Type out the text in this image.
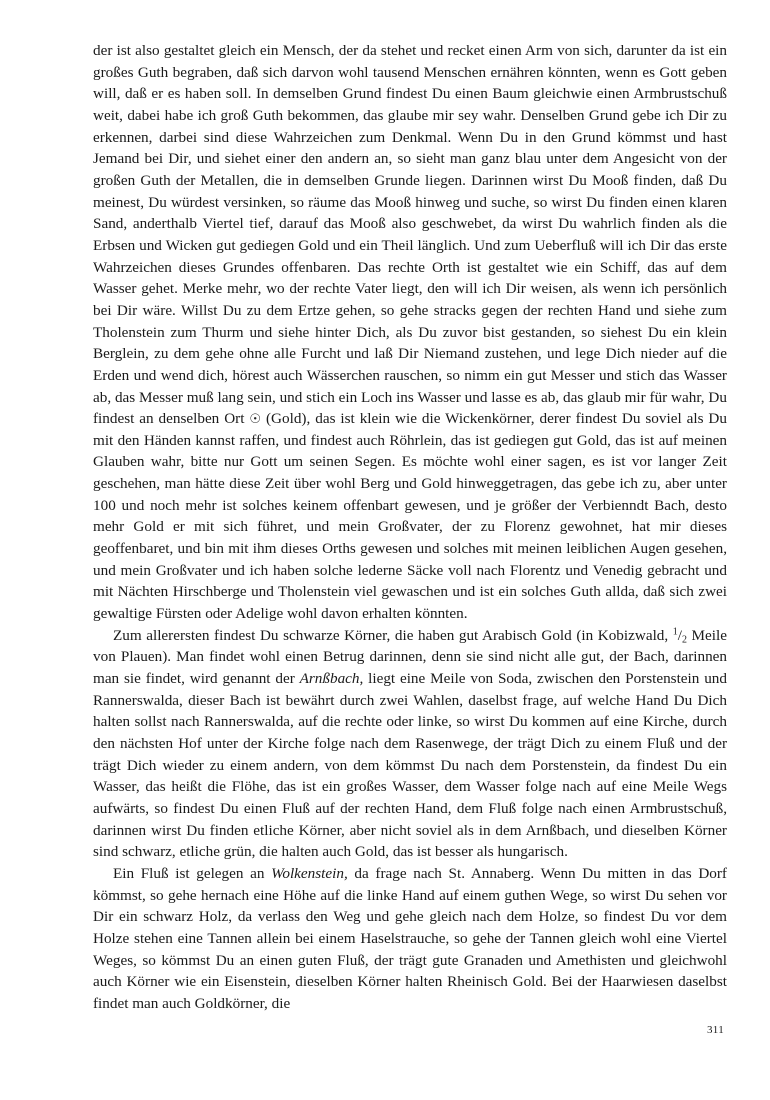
der ist also gestaltet gleich ein Mensch, der da stehet und recket einen Arm von sich, darunter da ist ein großes Guth begraben, daß sich darvon wohl tausend Menschen ernähren könnten, wenn es Gott geben will, daß er es haben soll. In demselben Grund findest Du einen Baum gleichwie einen Armbrustschuß weit, dabei habe ich groß Guth bekommen, das glaube mir sey wahr. Denselben Grund gebe ich Dir zu erkennen, darbei sind diese Wahrzeichen zum Denkmal. Wenn Du in den Grund kömmst und hast Jemand bei Dir, und siehet einer den andern an, so sieht man ganz blau unter dem Angesicht von der großen Guth der Metallen, die in demselben Grunde liegen. Darinnen wirst Du Mooß finden, daß Du meinest, Du würdest versinken, so räume das Mooß hinweg und suche, so wirst Du finden einen klaren Sand, anderthalb Viertel tief, darauf das Mooß also geschwebet, da wirst Du wahrlich finden als die Erbsen und Wicken gut gediegen Gold und ein Theil länglich. Und zum Ueberfluß will ich Dir das erste Wahrzeichen dieses Grundes offenbaren. Das rechte Orth ist gestaltet wie ein Schiff, das auf dem Wasser gehet. Merke mehr, wo der rechte Vater liegt, den will ich Dir weisen, als wenn ich persönlich bei Dir wäre. Willst Du zu dem Ertze gehen, so gehe stracks gegen der rechten Hand und siehe zum Tholenstein zum Thurm und siehe hinter Dich, als Du zuvor bist gestanden, so siehest Du ein klein Berglein, zu dem gehe ohne alle Furcht und laß Dir Niemand zustehen, und lege Dich nieder auf die Erden und wend dich, hörest auch Wässerchen rauschen, so nimm ein gut Messer und stich das Wasser ab, das Messer muß lang sein, und stich ein Loch ins Wasser und lasse es ab, das glaub mir für wahr, Du findest an denselben Ort ☉ (Gold), das ist klein wie die Wickenkörner, derer findest Du soviel als Du mit den Händen kannst raffen, und findest auch Röhrlein, das ist gediegen gut Gold, das ist auf meinen Glauben wahr, bitte nur Gott um seinen Segen. Es möchte wohl einer sagen, es ist vor langer Zeit geschehen, man hätte diese Zeit über wohl Berg und Gold hinweggetragen, das gebe ich zu, aber unter 100 und noch mehr ist solches keinem offenbart gewesen, und je größer der Verbienndt Bach, desto mehr Gold er mit sich führet, und mein Großvater, der zu Florenz gewohnet, hat mir dieses geoffenbaret, und bin mit ihm dieses Orths gewesen und solches mit meinen leiblichen Augen gesehen, und mein Großvater und ich haben solche lederne Säcke voll nach Florentz und Venedig gebracht und mit Nächten Hirschberge und Tholenstein viel gewaschen und ist ein solches Guth allda, daß sich zwei gewaltige Fürsten oder Adelige wohl davon erhalten könnten.

Zum allerersten findest Du schwarze Körner, die haben gut Arabisch Gold (in Kobizwald, $^1$/2 Meile von Plauen). Man findet wohl einen Betrug darinnen, denn sie sind nicht alle gut, der Bach, darinnen man sie findet, wird genannt der Arnßbach, liegt eine Meile von Soda, zwischen den Porstenstein und Rannerswalda, dieser Bach ist bewährt durch zwei Wahlen, daselbst frage, auf welche Hand Du Dich halten sollst nach Rannerswalda, auf die rechte oder linke, so wirst Du kommen auf eine Kirche, durch den nächsten Hof unter der Kirche folge nach dem Rasenwege, der trägt Dich zu einem Fluß und der trägt Dich wieder zu einem andern, von dem kömmst Du nach dem Porstenstein, da findest Du ein Wasser, das heißt die Flöhe, das ist ein großes Wasser, dem Wasser folge nach auf eine Meile Wegs aufwärts, so findest Du einen Fluß auf der rechten Hand, dem Fluß folge nach einen Armbrustschuß, darinnen wirst Du finden etliche Körner, aber nicht soviel als in dem Arnßbach, und dieselben Körner sind schwarz, etliche grün, die halten auch Gold, das ist besser als hungarisch.

Ein Fluß ist gelegen an Wolkenstein, da frage nach St. Annaberg. Wenn Du mitten in das Dorf kömmst, so gehe hernach eine Höhe auf die linke Hand auf einem guthen Wege, so wirst Du sehen vor Dir ein schwarz Holz, da verlass den Weg und gehe gleich nach dem Holze, so findest Du vor dem Holze stehen eine Tannen allein bei einem Haselstrauche, so gehe der Tannen gleich wohl eine Viertel Weges, so kömmst Du an einen guten Fluß, der trägt gute Granaden und Amethisten und gleichwohl auch Körner wie ein Eisenstein, dieselben Körner halten Rheinisch Gold. Bei der Haarwiesen daselbst findet man auch Goldkörner, die

311
